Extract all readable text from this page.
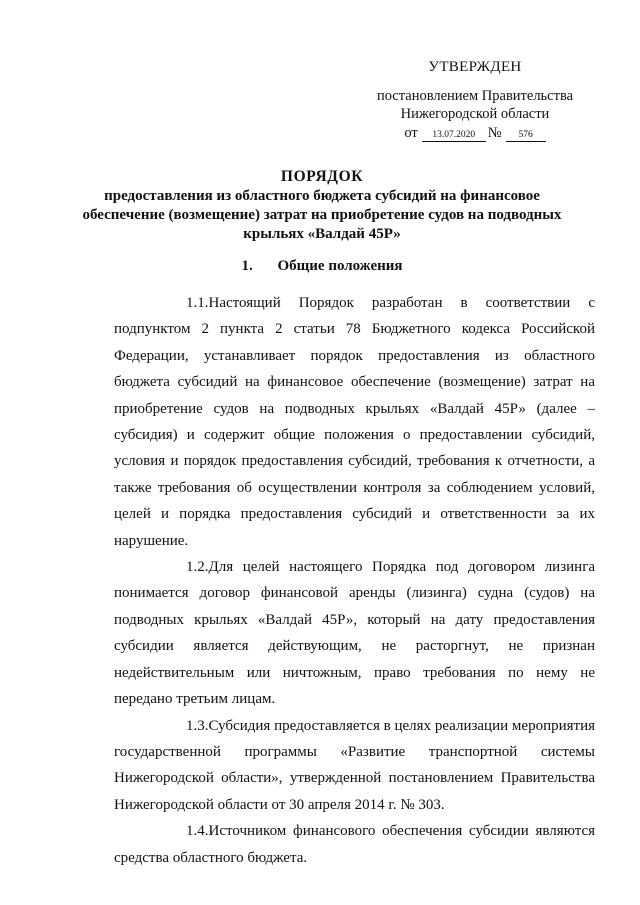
УТВЕРЖДЕН
постановлением Правительства
Нижегородской области
от 13.07.2020 № 576
ПОРЯДОК
предоставления из областного бюджета субсидий на финансовое
обеспечение (возмещение) затрат на приобретение судов на подводных
крыльях «Валдай 45Р»
1. Общие положения

1.1.Настоящий Порядок разработан в соответствии с подпунктом 2 пункта 2 статьи 78 Бюджетного кодекса Российской Федерации, устанавливает порядок предоставления из областного бюджета субсидий на финансовое обеспечение (возмещение) затрат на приобретение судов на подводных крыльях «Валдай 45Р» (далее – субсидия) и содержит общие положения о предоставлении субсидий, условия и порядок предоставления субсидий, требования к отчетности, а также требования об осуществлении контроля за соблюдением условий, целей и порядка предоставления субсидий и ответственности за их нарушение.

1.2.Для целей настоящего Порядка под договором лизинга понимается договор финансовой аренды (лизинга) судна (судов) на подводных крыльях «Валдай 45Р», который на дату предоставления субсидии является действующим, не расторгнут, не признан недействительным или ничтожным, право требования по нему не передано третьим лицам.

1.3.Субсидия предоставляется в целях реализации мероприятия государственной программы «Развитие транспортной системы Нижегородской области», утвержденной постановлением Правительства Нижегородской области от 30 апреля 2014 г. № 303.

1.4.Источником финансового обеспечения субсидии являются средства областного бюджета.
